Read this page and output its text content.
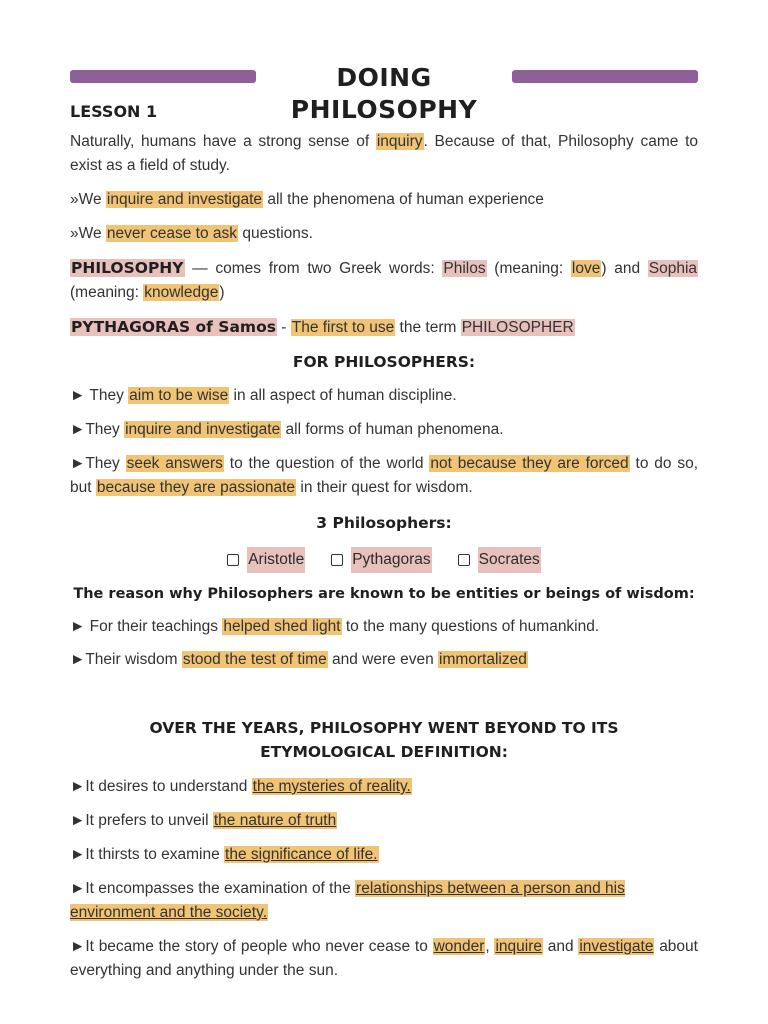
DOING PHILOSOPHY
LESSON 1
Naturally, humans have a strong sense of inquiry. Because of that, Philosophy came to exist as a field of study.
»We inquire and investigate all the phenomena of human experience
»We never cease to ask questions.
PHILOSOPHY — comes from two Greek words: Philos (meaning: love) and Sophia (meaning: knowledge)
PYTHAGORAS of Samos - The first to use the term PHILOSOPHER
FOR PHILOSOPHERS:
► They aim to be wise in all aspect of human discipline.
►They inquire and investigate all forms of human phenomena.
►They seek answers to the question of the world not because they are forced to do so, but because they are passionate in their quest for wisdom.
3 Philosophers:
Aristotle	Pythagoras	Socrates
The reason why Philosophers are known to be entities or beings of wisdom:
► For their teachings helped shed light to the many questions of humankind.
►Their wisdom stood the test of time and were even immortalized
OVER THE YEARS, PHILOSOPHY WENT BEYOND TO ITS ETYMOLOGICAL DEFINITION:
►It desires to understand the mysteries of reality.
►It prefers to unveil the nature of truth
►It thirsts to examine the significance of life.
►It encompasses the examination of the relationships between a person and his environment and the society.
►It became the story of people who never cease to wonder, inquire and investigate about everything and anything under the sun.
